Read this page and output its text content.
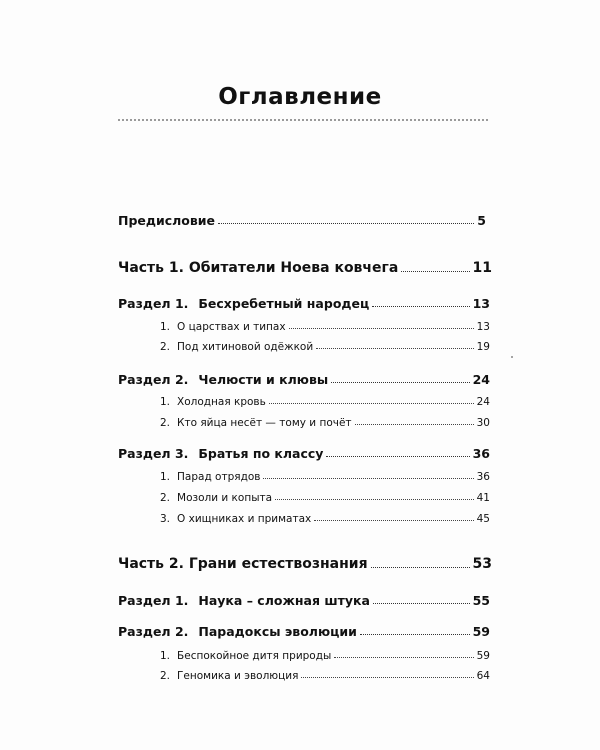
Оглавление
Предисловие	5
Часть 1. Обитатели Ноева ковчега	11
Раздел 1. Бесхребетный народец	13
1. О царствах и типах	13
2. Под хитиновой одёжкой	19
Раздел 2. Челюсти и клювы	24
1. Холодная кровь	24
2. Кто яйца несёт — тому и почёт	30
Раздел 3. Братья по классу	36
1. Парад отрядов	36
2. Мозоли и копыта	41
3. О хищниках и приматах	45
Часть 2. Грани естествознания	53
Раздел 1. Наука – сложная штука	55
Раздел 2. Парадоксы эволюции	59
1. Беспокойное дитя природы	59
2. Геномика и эволюция	64
